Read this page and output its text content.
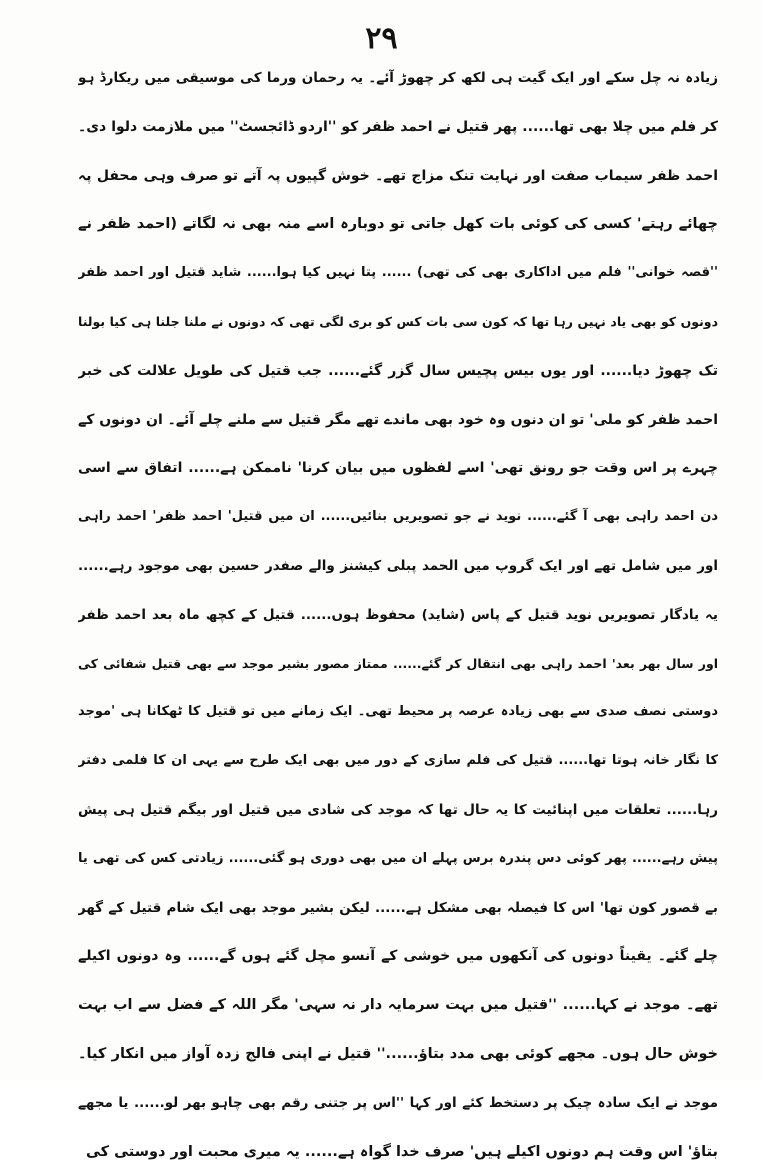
۲۹
زیادہ نہ چل سکے اور ایک گیت ہی لکھ کر چھوڑ آئے۔ یہ رحمان ورما کی موسیقی میں ریکارڈ ہو
کر فلم میں چلا بھی تھا...... پھر قتیل نے احمد ظفر کو ''اردو ڈائجسٹ'' میں ملازمت دلوا دی۔
احمد ظفر سیماب صفت اور نہایت تنک مزاج تھے۔ خوش گپیوں پہ آتے تو صرف وہی محفل پہ
چھائے رہتے' کسی کی کوئی بات کھل جاتی تو دوبارہ اسے منہ بھی نہ لگاتے (احمد ظفر نے
''قصہ خوانی'' فلم میں اداکاری بھی کی تھی) ...... پتا نہیں کیا ہوا...... شاید قتیل اور احمد ظفر
دونوں کو بھی یاد نہیں رہا تھا کہ کون سی بات کس کو بری لگی تھی کہ دونوں نے ملنا جلنا ہی کیا بولنا
تک چھوڑ دیا...... اور یوں بیس پچیس سال گزر گئے...... جب قتیل کی طویل علالت کی خبر
احمد ظفر کو ملی' تو ان دنوں وہ خود بھی ماندے تھے مگر قتیل سے ملنے چلے آئے۔ ان دونوں کے
چہرے پر اس وقت جو رونق تھی' اسے لفظوں میں بیان کرنا' ناممکن ہے...... اتفاق سے اسی
دن احمد راہی بھی آ گئے...... نوید نے جو تصویریں بنائیں...... ان میں قتیل' احمد ظفر' احمد راہی
اور میں شامل تھے اور ایک گروپ میں الحمد پبلی کیشنز والے صفدر حسین بھی موجود رہے......
یہ یادگار تصویریں نوید قتیل کے پاس (شاید) محفوظ ہوں...... قتیل کے کچھ ماہ بعد احمد ظفر
اور سال بھر بعد' احمد راہی بھی انتقال کر گئے...... ممتاز مصور بشیر موجد سے بھی قتیل شفائی کی
دوستی نصف صدی سے بھی زیادہ عرصہ پر محیط تھی۔ ایک زمانے میں تو قتیل کا ٹھکانا ہی 'موجد
کا نگار خانہ ہوتا تھا...... قتیل کی فلم سازی کے دور میں بھی ایک طرح سے یہی ان کا فلمی دفتر
رہا...... تعلقات میں اپنائیت کا یہ حال تھا کہ موجد کی شادی میں قتیل اور بیگم قتیل ہی پیش
پیش رہے...... پھر کوئی دس پندرہ برس پہلے ان میں بھی دوری ہو گئی...... زیادتی کس کی تھی یا
بے قصور کون تھا' اس کا فیصلہ بھی مشکل ہے...... لیکن بشیر موجد بھی ایک شام قتیل کے گھر
چلے گئے۔ یقیناً دونوں کی آنکھوں میں خوشی کے آنسو مچل گئے ہوں گے...... وہ دونوں اکیلے
تھے۔ موجد نے کہا...... ''قتیل میں بہت سرمایہ دار نہ سہی' مگر اللہ کے فضل سے اب بہت
خوش حال ہوں۔ مجھے کوئی بھی مدد بتاؤ......'' قتیل نے اپنی فالج زدہ آواز میں انکار کیا۔
موجد نے ایک سادہ چیک پر دستخط کئے اور کہا ''اس پر جتنی رقم بھی چاہو بھر لو...... یا مجھے
بتاؤ' اس وقت ہم دونوں اکیلے ہیں' صرف خدا گواہ ہے...... یہ میری محبت اور دوستی کی
